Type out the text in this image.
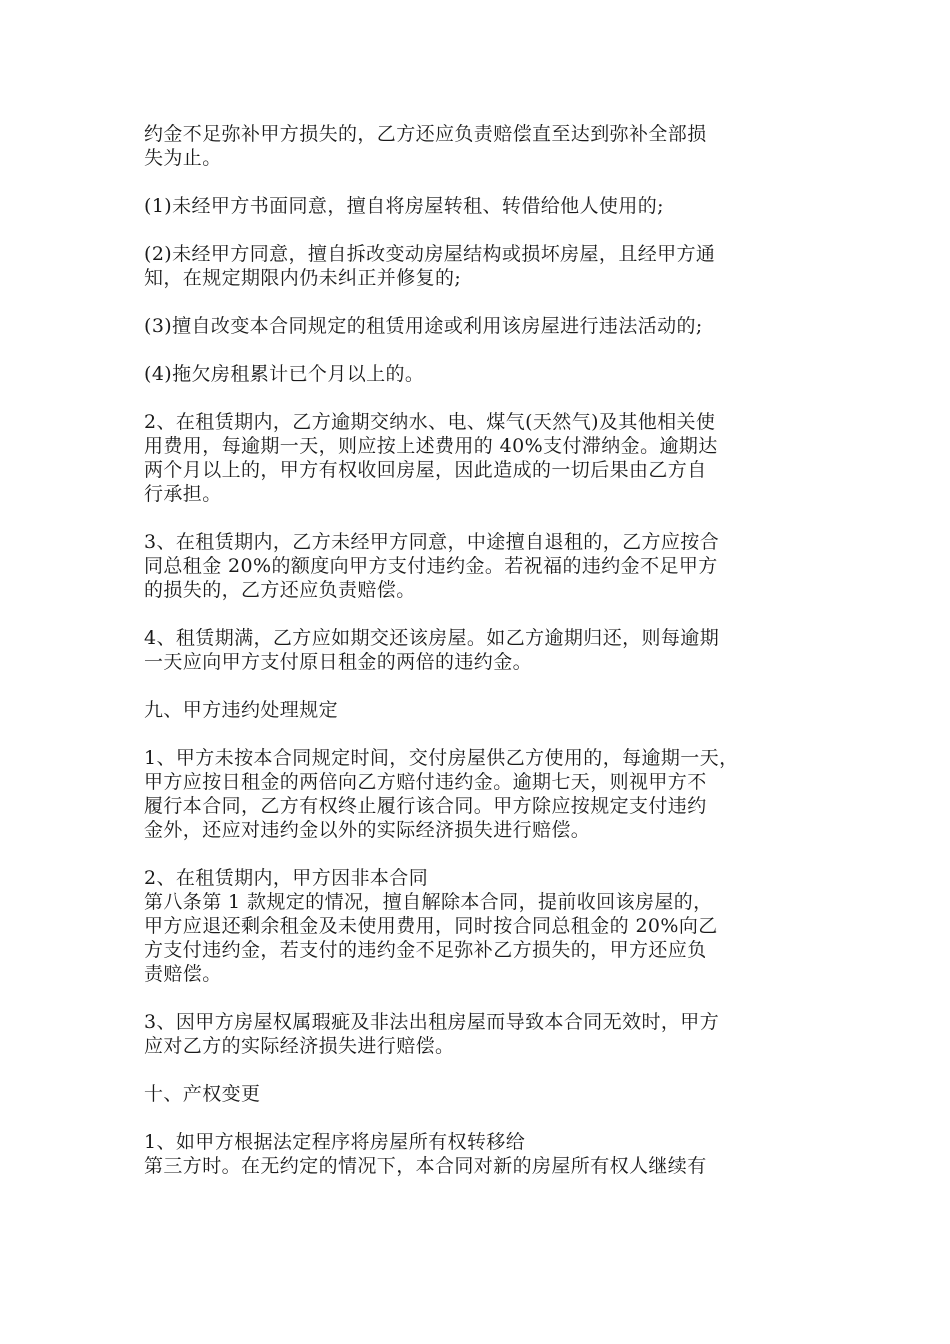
约金不足弥补甲方损失的，乙方还应负责赔偿直至达到弥补全部损
失为止。
(1)未经甲方书面同意，擅自将房屋转租、转借给他人使用的;
(2)未经甲方同意，擅自拆改变动房屋结构或损坏房屋，且经甲方通
知，在规定期限内仍未纠正并修复的;
(3)擅自改变本合同规定的租赁用途或利用该房屋进行违法活动的;
(4)拖欠房租累计已个月以上的。
2、在租赁期内，乙方逾期交纳水、电、煤气(天然气)及其他相关使
用费用，每逾期一天，则应按上述费用的 40%支付滞纳金。逾期达
两个月以上的，甲方有权收回房屋，因此造成的一切后果由乙方自
行承担。
3、在租赁期内，乙方未经甲方同意，中途擅自退租的，乙方应按合
同总租金 20%的额度向甲方支付违约金。若祝福的违约金不足甲方
的损失的，乙方还应负责赔偿。
4、租赁期满，乙方应如期交还该房屋。如乙方逾期归还，则每逾期
一天应向甲方支付原日租金的两倍的违约金。
九、甲方违约处理规定
1、甲方未按本合同规定时间，交付房屋供乙方使用的，每逾期一天，
甲方应按日租金的两倍向乙方赔付违约金。逾期七天，则视甲方不
履行本合同，乙方有权终止履行该合同。甲方除应按规定支付违约
金外，还应对违约金以外的实际经济损失进行赔偿。
2、在租赁期内，甲方因非本合同
第八条第 1 款规定的情况，擅自解除本合同，提前收回该房屋的，
甲方应退还剩余租金及未使用费用，同时按合同总租金的 20%向乙
方支付违约金，若支付的违约金不足弥补乙方损失的，甲方还应负
责赔偿。
3、因甲方房屋权属瑕疵及非法出租房屋而导致本合同无效时，甲方
应对乙方的实际经济损失进行赔偿。
十、产权变更
1、如甲方根据法定程序将房屋所有权转移给
第三方时。在无约定的情况下，本合同对新的房屋所有权人继续有
